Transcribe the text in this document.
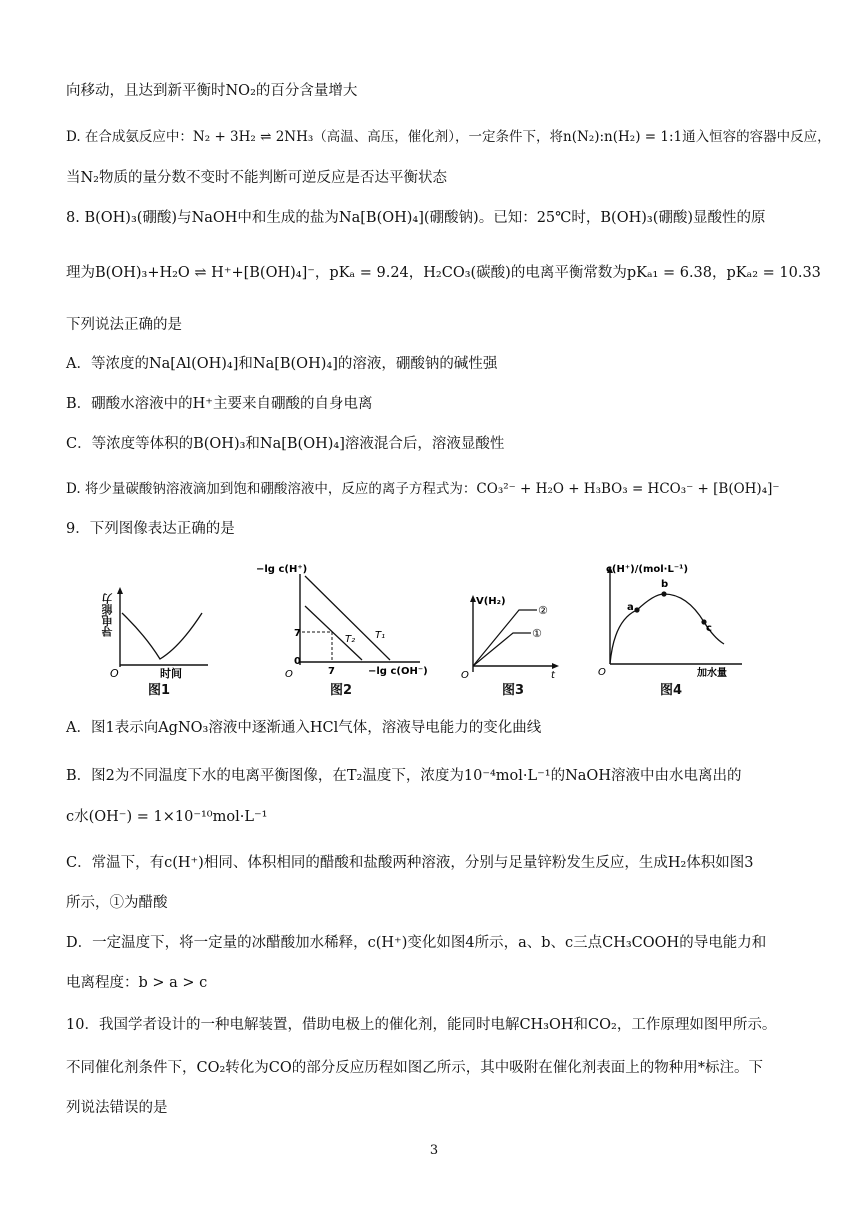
向移动，且达到新平衡时NO₂的百分含量增大
D. 在合成氨反应中：N₂ + 3H₂ ⇌ 2NH₃（高温、高压，催化剂），一定条件下，将n(N₂):n(H₂) = 1:1通入恒容的容器中反应，
当N₂物质的量分数不变时不能判断可逆反应是否达平衡状态
8. B(OH)₃(硼酸)与NaOH中和生成的盐为Na[B(OH)₄](硼酸钠)。已知：25℃时，B(OH)₃(硼酸)显酸性的原
理为B(OH)₃+H₂O ⇌ H⁺+[B(OH)₄]⁻，pKₐ = 9.24，H₂CO₃(碳酸)的电离平衡常数为pKₐ₁ = 6.38，pKₐ₂ = 10.33
下列说法正确的是
A．等浓度的Na[Al(OH)₄]和Na[B(OH)₄]的溶液，硼酸钠的碱性强
B．硼酸水溶液中的H⁺主要来自硼酸的自身电离
C．等浓度等体积的B(OH)₃和Na[B(OH)₄]溶液混合后，溶液显酸性
D. 将少量碳酸钠溶液滴加到饱和硼酸溶液中，反应的离子方程式为：CO₃²⁻ + H₂O + H₃BO₃ = HCO₃⁻ + [B(OH)₄]⁻
9．下列图像表达正确的是
O	时间
导电能力
图1
−lg c(H⁺)
7
0
7	−lg c(OH⁻)
T₁
T₂
O
图2
V(H₂)
②
①
t
O
图3
a
b
c
c(H⁺)/(mol·L⁻¹)
O	加水量
图4
A．图1表示向AgNO₃溶液中逐渐通入HCl气体，溶液导电能力的变化曲线
B．图2为不同温度下水的电离平衡图像，在T₂温度下，浓度为10⁻⁴mol·L⁻¹的NaOH溶液中由水电离出的
c水(OH⁻) = 1×10⁻¹⁰mol·L⁻¹
C．常温下，有c(H⁺)相同、体积相同的醋酸和盐酸两种溶液，分别与足量锌粉发生反应，生成H₂体积如图3
所示，①为醋酸
D．一定温度下，将一定量的冰醋酸加水稀释，c(H⁺)变化如图4所示，a、b、c三点CH₃COOH的导电能力和
电离程度：b > a > c
10．我国学者设计的一种电解装置，借助电极上的催化剂，能同时电解CH₃OH和CO₂，工作原理如图甲所示。
不同催化剂条件下，CO₂转化为CO的部分反应历程如图乙所示，其中吸附在催化剂表面上的物种用*标注。下
列说法错误的是
3
